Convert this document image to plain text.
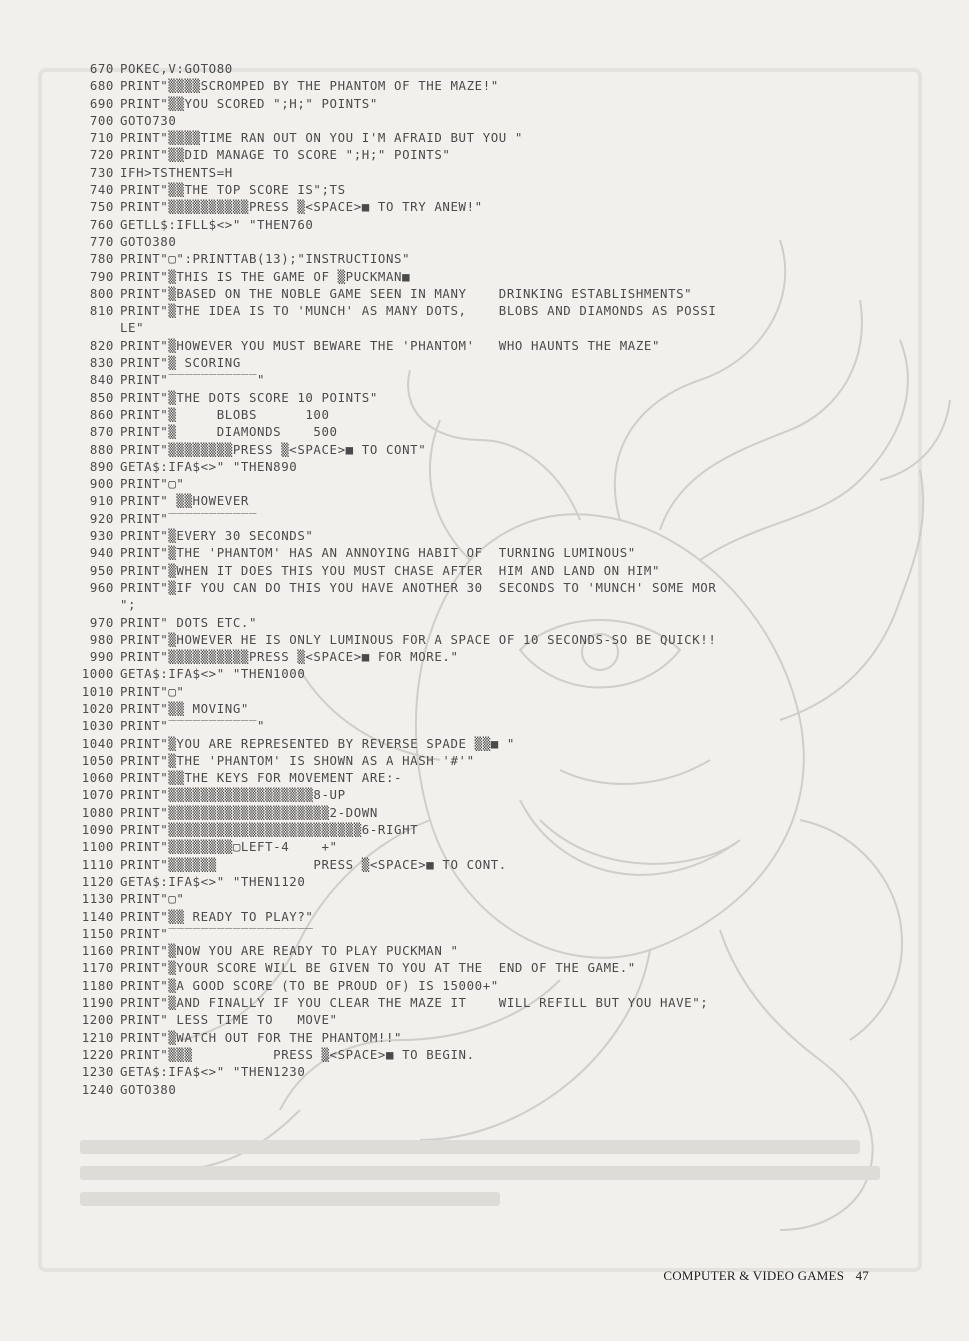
670 POKEC,V:GOTO80
680 PRINT"▒▒▒▒SCROMPED BY THE PHANTOM OF THE MAZE!"
690 PRINT"▒▒YOU SCORED ";H;" POINTS"
700 GOTO730
710 PRINT"▒▒▒▒TIME RAN OUT ON YOU I'M AFRAID BUT YOU "
720 PRINT"▒▒DID MANAGE TO SCORE ";H;" POINTS"
730 IFH>TSTHENTS=H
740 PRINT"▒▒THE TOP SCORE IS";TS
750 PRINT"▒▒▒▒▒▒▒▒▒▒PRESS ▒<SPACE>■ TO TRY ANEW!"
760 GETLL$:IFLL$<>" "THEN760
770 GOTO380
780 PRINT"▢":PRINTTAB(13);"INSTRUCTIONS"
790 PRINT"▒THIS IS THE GAME OF ▒PUCKMAN■
800 PRINT"▒BASED ON THE NOBLE GAME SEEN IN MANY    DRINKING ESTABLISHMENTS"
810 PRINT"▒THE IDEA IS TO 'MUNCH' AS MANY DOTS,    BLOBS AND DIAMONDS AS POSSI
LE"
820 PRINT"▒HOWEVER YOU MUST BEWARE THE 'PHANTOM'   WHO HAUNTS THE MAZE"
830 PRINT"▒ SCORING
840 PRINT"‾‾‾‾‾‾‾‾‾‾‾"
850 PRINT"▒THE DOTS SCORE 10 POINTS"
860 PRINT"▒     BLOBS      100
870 PRINT"▒     DIAMONDS    500
880 PRINT"▒▒▒▒▒▒▒▒PRESS ▒<SPACE>■ TO CONT"
890 GETA$:IFA$<>" "THEN890
900 PRINT"▢"
910 PRINT" ▒▒HOWEVER
920 PRINT"‾‾‾‾‾‾‾‾‾‾‾
930 PRINT"▒EVERY 30 SECONDS"
940 PRINT"▒THE 'PHANTOM' HAS AN ANNOYING HABIT OF  TURNING LUMINOUS"
950 PRINT"▒WHEN IT DOES THIS YOU MUST CHASE AFTER  HIM AND LAND ON HIM"
960 PRINT"▒IF YOU CAN DO THIS YOU HAVE ANOTHER 30  SECONDS TO 'MUNCH' SOME MOR
";
970 PRINT" DOTS ETC."
980 PRINT"▒HOWEVER HE IS ONLY LUMINOUS FOR A SPACE OF 10 SECONDS-SO BE QUICK!!
990 PRINT"▒▒▒▒▒▒▒▒▒▒PRESS ▒<SPACE>■ FOR MORE."
1000 GETA$:IFA$<>" "THEN1000
1010 PRINT"▢"
1020 PRINT"▒▒ MOVING"
1030 PRINT"‾‾‾‾‾‾‾‾‾‾‾"
1040 PRINT"▒YOU ARE REPRESENTED BY REVERSE SPADE ▒▒■ "
1050 PRINT"▒THE 'PHANTOM' IS SHOWN AS A HASH '#'"
1060 PRINT"▒▒THE KEYS FOR MOVEMENT ARE:-
1070 PRINT"▒▒▒▒▒▒▒▒▒▒▒▒▒▒▒▒▒▒8-UP
1080 PRINT"▒▒▒▒▒▒▒▒▒▒▒▒▒▒▒▒▒▒▒▒2-DOWN
1090 PRINT"▒▒▒▒▒▒▒▒▒▒▒▒▒▒▒▒▒▒▒▒▒▒▒▒6-RIGHT
1100 PRINT"▒▒▒▒▒▒▒▒▢LEFT-4    +"
1110 PRINT"▒▒▒▒▒▒            PRESS ▒<SPACE>■ TO CONT.
1120 GETA$:IFA$<>" "THEN1120
1130 PRINT"▢"
1140 PRINT"▒▒ READY TO PLAY?"
1150 PRINT"‾‾‾‾‾‾‾‾‾‾‾‾‾‾‾‾‾‾
1160 PRINT"▒NOW YOU ARE READY TO PLAY PUCKMAN "
1170 PRINT"▒YOUR SCORE WILL BE GIVEN TO YOU AT THE  END OF THE GAME."
1180 PRINT"▒A GOOD SCORE (TO BE PROUD OF) IS 15000+"
1190 PRINT"▒AND FINALLY IF YOU CLEAR THE MAZE IT    WILL REFILL BUT YOU HAVE";
1200 PRINT" LESS TIME TO   MOVE"
1210 PRINT"▒WATCH OUT FOR THE PHANTOM!!"
1220 PRINT"▒▒▒          PRESS ▒<SPACE>■ TO BEGIN.
1230 GETA$:IFA$<>" "THEN1230
1240 GOTO380
COMPUTER & VIDEO GAMES 47
